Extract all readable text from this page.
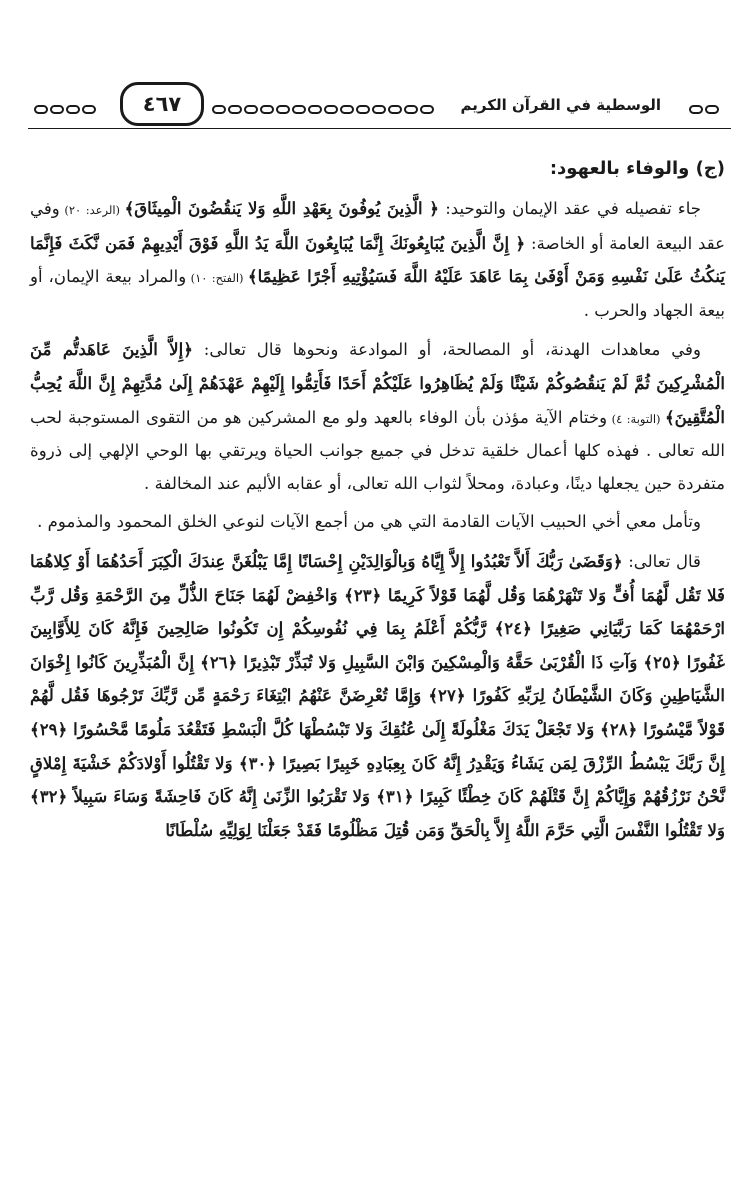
الوسطية في القرآن الكريم
٤٦٧
(ج) والوفاء بالعهود:

جاء تفصيله في عقد الإيمان والتوحيد: ﴿ الَّذِينَ يُوفُونَ بِعَهْدِ اللَّهِ وَلا يَنقُضُونَ الْمِيثَاقَ﴾ (الرعد: ٢٠) وفي عقد البيعة العامة أو الخاصة: ﴿ إِنَّ الَّذِينَ يُبَايِعُونَكَ إِنَّمَا يُبَايِعُونَ اللَّهَ يَدُ اللَّهِ فَوْقَ أَيْدِيهِمْ فَمَن نَّكَثَ فَإِنَّمَا يَنكُثُ عَلَىٰ نَفْسِهِ وَمَنْ أَوْفَىٰ بِمَا عَاهَدَ عَلَيْهُ اللَّهَ فَسَيُؤْتِيهِ أَجْرًا عَظِيمًا﴾ (الفتح: ١٠) والمراد بيعة الإيمان، أو بيعة الجهاد والحرب .

وفي معاهدات الهدنة، أو المصالحة، أو الموادعة ونحوها قال تعالى: ﴿إِلاَّ الَّذِينَ عَاهَدتُّم مِّنَ الْمُشْرِكِينَ ثُمَّ لَمْ يَنقُصُوكُمْ شَيْئًا وَلَمْ يُظَاهِرُوا عَلَيْكُمْ أَحَدًا فَأَتِمُّوا إِلَيْهِمْ عَهْدَهُمْ إِلَىٰ مُدَّتِهِمْ إِنَّ اللَّهَ يُحِبُّ الْمُتَّقِينَ﴾ (التوبة: ٤) وختام الآية مؤذن بأن الوفاء بالعهد ولو مع المشركين هو من التقوى المستوجبة لحب الله تعالى . فهذه كلها أعمال خلقية تدخل في جميع جوانب الحياة ويرتقي بها الوحي الإلهي إلى ذروة متفردة حين يجعلها دينًا، وعبادة، ومحلاً لثواب الله تعالى، أو عقابه الأليم عند المخالفة .

وتأمل معي أخي الحبيب الآيات القادمة التي هي من أجمع الآيات لنوعي الخلق المحمود والمذموم .

قال تعالى: ﴿وَقَضَىٰ رَبُّكَ أَلاَّ تَعْبُدُوا إِلاَّ إِيَّاهُ وَبِالْوَالِدَيْنِ إِحْسَانًا إِمَّا يَبْلُغَنَّ عِندَكَ الْكِبَرَ أَحَدُهُمَا أَوْ كِلاهُمَا فَلا تَقُل لَّهُمَا أُفٍّ وَلا تَنْهَرْهُمَا وَقُل لَّهُمَا قَوْلاً كَرِيمًا ﴿٢٣﴾ وَاخْفِضْ لَهُمَا جَنَاحَ الذُّلِّ مِنَ الرَّحْمَةِ وَقُل رَّبِّ ارْحَمْهُمَا كَمَا رَبَّيَانِي صَغِيرًا ﴿٢٤﴾ رَّبُّكُمْ أَعْلَمُ بِمَا فِي نُفُوسِكُمْ إِن تَكُونُوا صَالِحِينَ فَإِنَّهُ كَانَ لِلأَوَّابِينَ غَفُورًا ﴿٢٥﴾ وَآتِ ذَا الْقُرْبَىٰ حَقَّهُ وَالْمِسْكِينَ وَابْنَ السَّبِيلِ وَلا تُبَذِّرْ تَبْذِيرًا ﴿٢٦﴾ إِنَّ الْمُبَذِّرِينَ كَانُوا إِخْوَانَ الشَّيَاطِينِ وَكَانَ الشَّيْطَانُ لِرَبِّهِ كَفُورًا ﴿٢٧﴾ وَإِمَّا تُعْرِضَنَّ عَنْهُمُ ابْتِغَاءَ رَحْمَةٍ مِّن رَّبِّكَ تَرْجُوهَا فَقُل لَّهُمْ قَوْلاً مَّيْسُورًا ﴿٢٨﴾ وَلا تَجْعَلْ يَدَكَ مَغْلُولَةً إِلَىٰ عُنُقِكَ وَلا تَبْسُطْهَا كُلَّ الْبَسْطِ فَتَقْعُدَ مَلُومًا مَّحْسُورًا ﴿٢٩﴾ إِنَّ رَبَّكَ يَبْسُطُ الرِّزْقَ لِمَن يَشَاءُ وَيَقْدِرُ إِنَّهُ كَانَ بِعِبَادِهِ خَبِيرًا بَصِيرًا ﴿٣٠﴾ وَلا تَقْتُلُوا أَوْلادَكُمْ خَشْيَةَ إِمْلاقٍ نَّحْنُ نَرْزُقُهُمْ وَإِيَّاكُمْ إِنَّ قَتْلَهُمْ كَانَ خِطْئًا كَبِيرًا ﴿٣١﴾ وَلا تَقْرَبُوا الزِّنَىٰ إِنَّهُ كَانَ فَاحِشَةً وَسَاءَ سَبِيلاً ﴿٣٢﴾ وَلا تَقْتُلُوا النَّفْسَ الَّتِي حَرَّمَ اللَّهُ إِلاَّ بِالْحَقِّ وَمَن قُتِلَ مَظْلُومًا فَقَدْ جَعَلْنَا لِوَلِيِّهِ سُلْطَانًا
